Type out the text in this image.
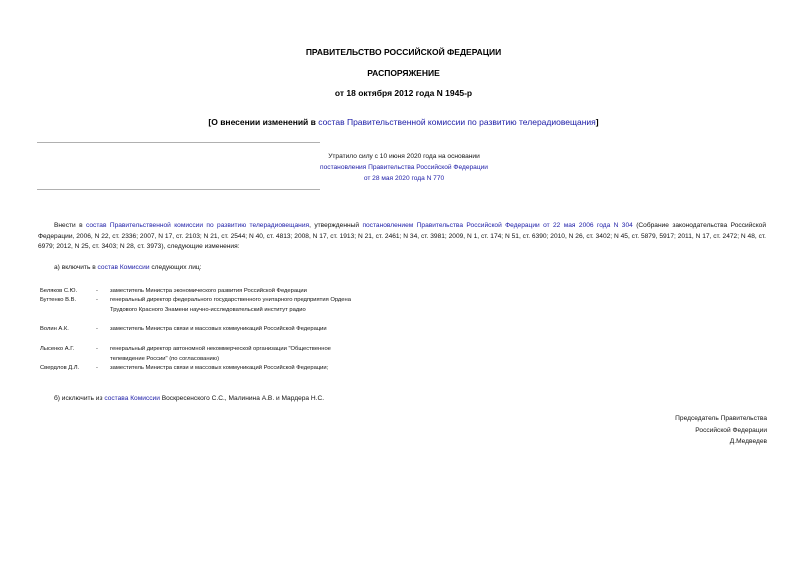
ПРАВИТЕЛЬСТВО РОССИЙСКОЙ ФЕДЕРАЦИИ
РАСПОРЯЖЕНИЕ
от 18 октября 2012 года N 1945-р
[О внесении изменений в состав Правительственной комиссии по развитию телерадиовещания]
Утратило силу с 10 июня 2020 года на основании
постановления Правительства Российской Федерации
от 28 мая 2020 года N 770
Внести в состав Правительственной комиссии по развитию телерадиовещания, утвержденный постановлением Правительства Российской Федерации от 22 мая 2006 года N 304 (Собрание законодательства Российской Федерации, 2006, N 22, ст. 2336; 2007, N 17, ст. 2103; N 21, ст. 2544; N 40, ст. 4813; 2008, N 17, ст. 1913; N 21, ст. 2461; N 34, ст. 3981; 2009, N 1, ст. 174; N 51, ст. 6390; 2010, N 26, ст. 3402; N 45, ст. 5879, 5917; 2011, N 17, ст. 2472; N 48, ст. 6979; 2012, N 25, ст. 3403; N 28, ст. 3973), следующие изменения:
а) включить в состав Комиссии следующих лиц:
Беляков С.Ю.	-	заместитель Министра экономического развития Российской Федерации
Бугтенко В.В.	-	генеральный директор федерального государственного унитарного предприятия Ордена Трудового Красного Знамени научно-исследовательский институт радио
Волин А.К.	-	заместитель Министра связи и массовых коммуникаций Российской Федерации
Лысенко А.Г.	-	генеральный директор автономной некоммерческой организации "Общественное телевидение России" (по согласованию)
Свердлов Д.Л.	-	заместитель Министра связи и массовых коммуникаций Российской Федерации;
б) исключить из состава Комиссии Воскресенского С.С., Малинина А.В. и Мардера Н.С.
Председатель Правительства
Российской Федерации
Д.Медведев
